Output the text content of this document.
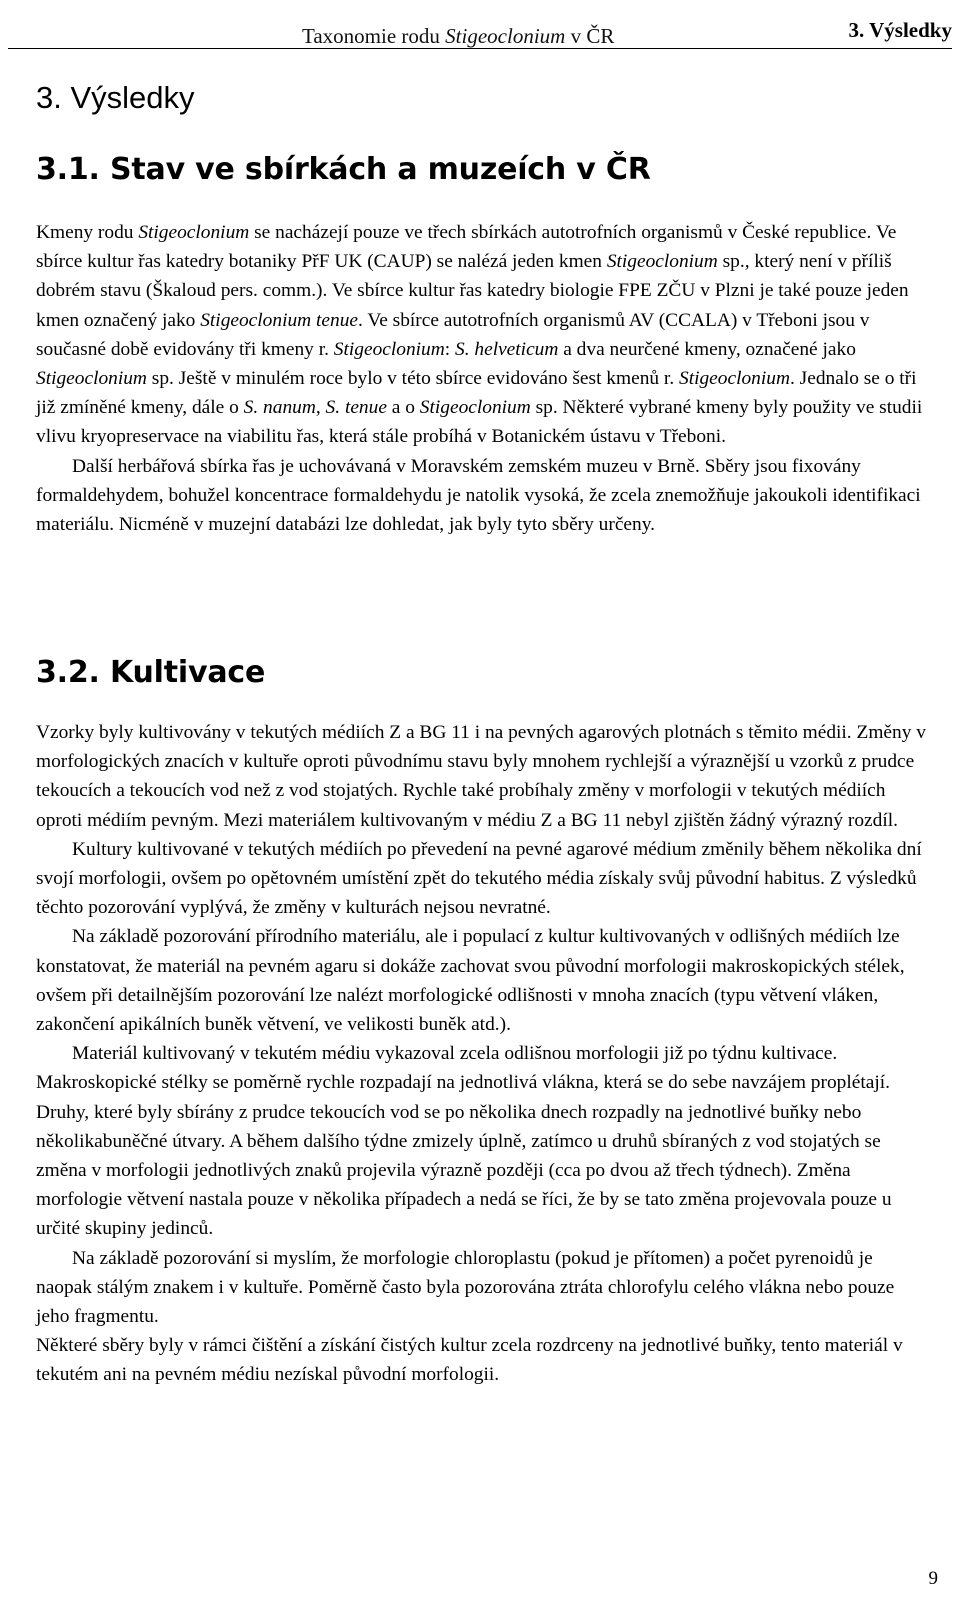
Taxonomie rodu Stigeoclonium v ČR	3. Výsledky
3. Výsledky
3.1. Stav ve sbírkách a muzeích v ČR

Kmeny rodu Stigeoclonium se nacházejí pouze ve třech sbírkách autotrofních organismů v České republice. Ve sbírce kultur řas katedry botaniky PřF UK (CAUP) se nalézá jeden kmen Stigeoclonium sp., který není v příliš dobrém stavu (Škaloud pers. comm.). Ve sbírce kultur řas katedry biologie FPE ZČU v Plzni je také pouze jeden kmen označený jako Stigeoclonium tenue. Ve sbírce autotrofních organismů AV (CCALA) v Třeboni jsou v současné době evidovány tři kmeny r. Stigeoclonium: S. helveticum a dva neurčené kmeny, označené jako Stigeoclonium sp. Ještě v minulém roce bylo v této sbírce evidováno šest kmenů r. Stigeoclonium. Jednalo se o tři již zmíněné kmeny, dále o S. nanum, S. tenue a o Stigeoclonium sp. Některé vybrané kmeny byly použity ve studii vlivu kryopreservace na viabilitu řas, která stále probíhá v Botanickém ústavu v Třeboni.

Další herbářová sbírka řas je uchovávaná v Moravském zemském muzeu v Brně. Sběry jsou fixovány formaldehydem, bohužel koncentrace formaldehydu je natolik vysoká, že zcela znemožňuje jakoukoli identifikaci materiálu. Nicméně v muzejní databázi lze dohledat, jak byly tyto sběry určeny.

3.2. Kultivace

Vzorky byly kultivovány v tekutých médiích Z a BG 11 i na pevných agarových plotnách s těmito médii. Změny v morfologických znacích v kultuře oproti původnímu stavu byly mnohem rychlejší a výraznější u vzorků z prudce tekoucích a tekoucích vod než z vod stojatých. Rychle také probíhaly změny v morfologii v tekutých médiích oproti médiím pevným. Mezi materiálem kultivovaným v médiu Z a BG 11 nebyl zjištěn žádný výrazný rozdíl.

Kultury kultivované v tekutých médiích po převedení na pevné agarové médium změnily během několika dní svojí morfologii, ovšem po opětovném umístění zpět do tekutého média získaly svůj původní habitus. Z výsledků těchto pozorování vyplývá, že změny v kulturách nejsou nevratné.

Na základě pozorování přírodního materiálu, ale i populací z kultur kultivovaných v odlišných médiích lze konstatovat, že materiál na pevném agaru si dokáže zachovat svou původní morfologii makroskopických stélek, ovšem při detailnějším pozorování lze nalézt morfologické odlišnosti v mnoha znacích (typu větvení vláken, zakončení apikálních buněk větvení, ve velikosti buněk atd.).

Materiál kultivovaný v tekutém médiu vykazoval zcela odlišnou morfologii již po týdnu kultivace. Makroskopické stélky se poměrně rychle rozpadají na jednotlivá vlákna, která se do sebe navzájem proplétají. Druhy, které byly sbírány z prudce tekoucích vod se po několika dnech rozpadly na jednotlivé buňky nebo několikabuněčné útvary. A během dalšího týdne zmizely úplně, zatímco u druhů sbíraných z vod stojatých se změna v morfologii jednotlivých znaků projevila výrazně později (cca po dvou až třech týdnech). Změna morfologie větvení nastala pouze v několika případech a nedá se říci, že by se tato změna projevovala pouze u určité skupiny jedinců.

Na základě pozorování si myslím, že morfologie chloroplastu (pokud je přítomen) a počet pyrenoidů je naopak stálým znakem i v kultuře. Poměrně často byla pozorována ztráta chlorofylu celého vlákna nebo pouze jeho fragmentu.

Některé sběry byly v rámci čištění a získání čistých kultur zcela rozdrceny na jednotlivé buňky, tento materiál v tekutém ani na pevném médiu nezískal původní morfologii.

9
